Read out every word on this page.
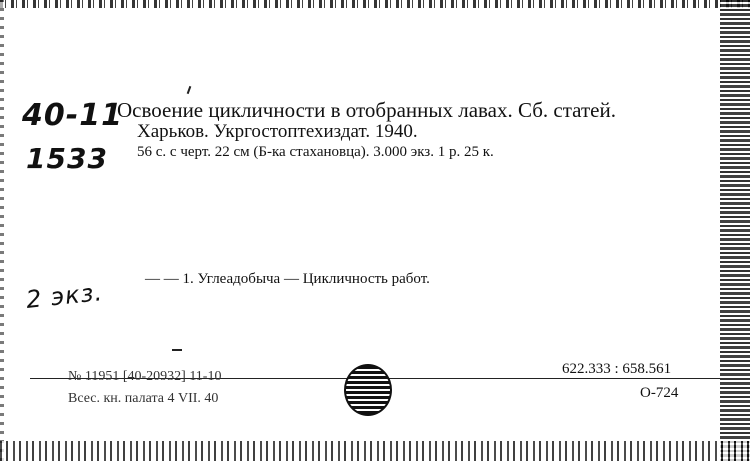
40-11
1533
Освоение цикличности в отобранных лавах. Сб. статей.
Харьков. Укргостоптехиздат. 1940.
56 с. с черт. 22 см (Б-ка стахановца). 3.000 экз. 1 р. 25 к.
2 экз.	— — 1. Углеадобыча — Цикличность работ.
№ 11951 [40-20932] 11-10
Всес. кн. палата 4 VII. 40
622.333 : 658.561
О-724
